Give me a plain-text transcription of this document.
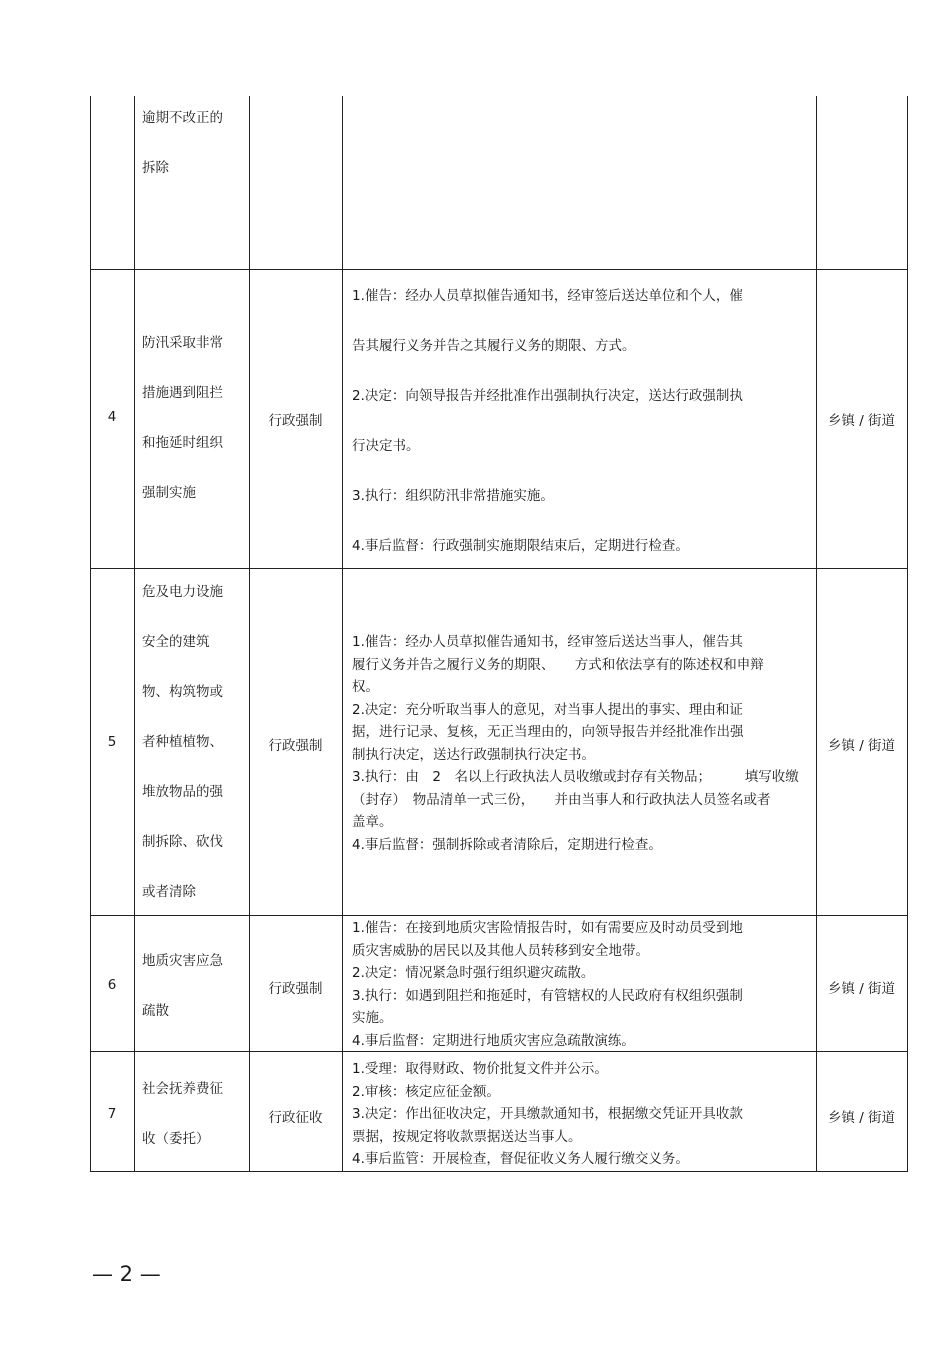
逾期不改正的

拆除

4

防汛采取非常

措施遇到阻拦

和拖延时组织

强制实施

行政强制

1.催告：经办人员草拟催告通知书，经审签后送达单位和个人，催

告其履行义务并告之其履行义务的期限、方式。

2.决定：向领导报告并经批准作出强制执行决定，送达行政强制执

行决定书。

3.执行：组织防汛非常措施实施。

4.事后监督：行政强制实施期限结束后，定期进行检查。

乡镇 / 街道
5

危及电力设施

安全的建筑

物、构筑物或

者种植植物、

堆放物品的强

制拆除、砍伐

或者清除

行政强制

1.催告：经办人员草拟催告通知书，经审签后送达当事人，催告其

履行义务并告之履行义务的期限、　　方式和依法享有的陈述权和申辩

权。

2.决定：充分听取当事人的意见，对当事人提出的事实、理由和证

据，进行记录、复核，无正当理由的，向领导报告并经批准作出强

制执行决定，送达行政强制执行决定书。

3.执行：由　2　名以上行政执法人员收缴或封存有关物品；　　　填写收缴

（封存）　物品清单一式三份，　　并由当事人和行政执法人员签名或者

盖章。

4.事后监督：强制拆除或者清除后，定期进行检查。

乡镇 / 街道
6

地质灾害应急

疏散

行政强制

1.催告：在接到地质灾害险情报告时，如有需要应及时动员受到地

质灾害威胁的居民以及其他人员转移到安全地带。

2.决定：情况紧急时强行组织避灾疏散。

3.执行：如遇到阻拦和拖延时，有管辖权的人民政府有权组织强制

实施。

4.事后监督：定期进行地质灾害应急疏散演练。

乡镇 / 街道
7

社会抚养费征

收（委托）

行政征收

1.受理：取得财政、物价批复文件并公示。

2.审核：核定应征金额。

3.决定：作出征收决定，开具缴款通知书，根据缴交凭证开具收款

票据，按规定将收款票据送达当事人。

4.事后监管：开展检查，督促征收义务人履行缴交义务。

乡镇 / 街道
— 2 —
